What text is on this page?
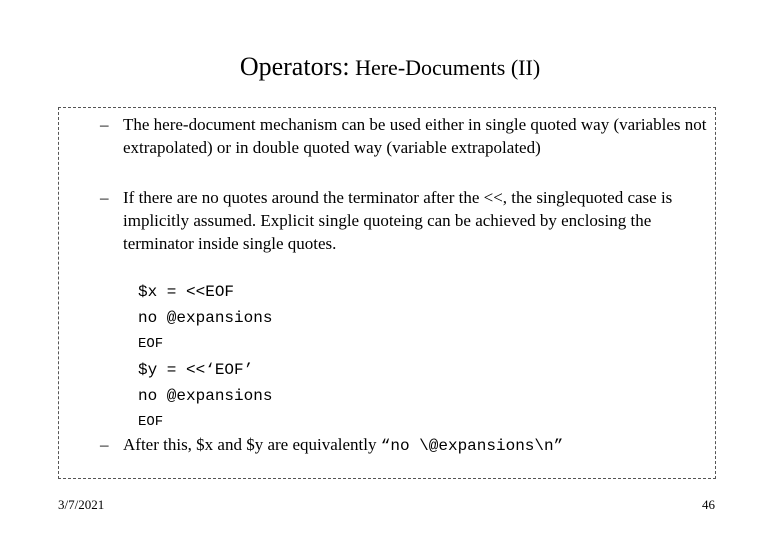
Operators: Here-Documents (II)
– The here-document mechanism can be used either in single quoted way (variables not extrapolated) or in double quoted way (variable extrapolated)
– If there are no quotes around the terminator after the <<, the singlequoted case is implicitly assumed. Explicit single quoteing can be achieved by enclosing the terminator inside single quotes.
$x = <<EOF
no @expansions
EOF
$y = <<‘EOF’
no @expansions
EOF
– After this, $x and $y are equivalently “no \@expansions\n”
3/7/2021	46
